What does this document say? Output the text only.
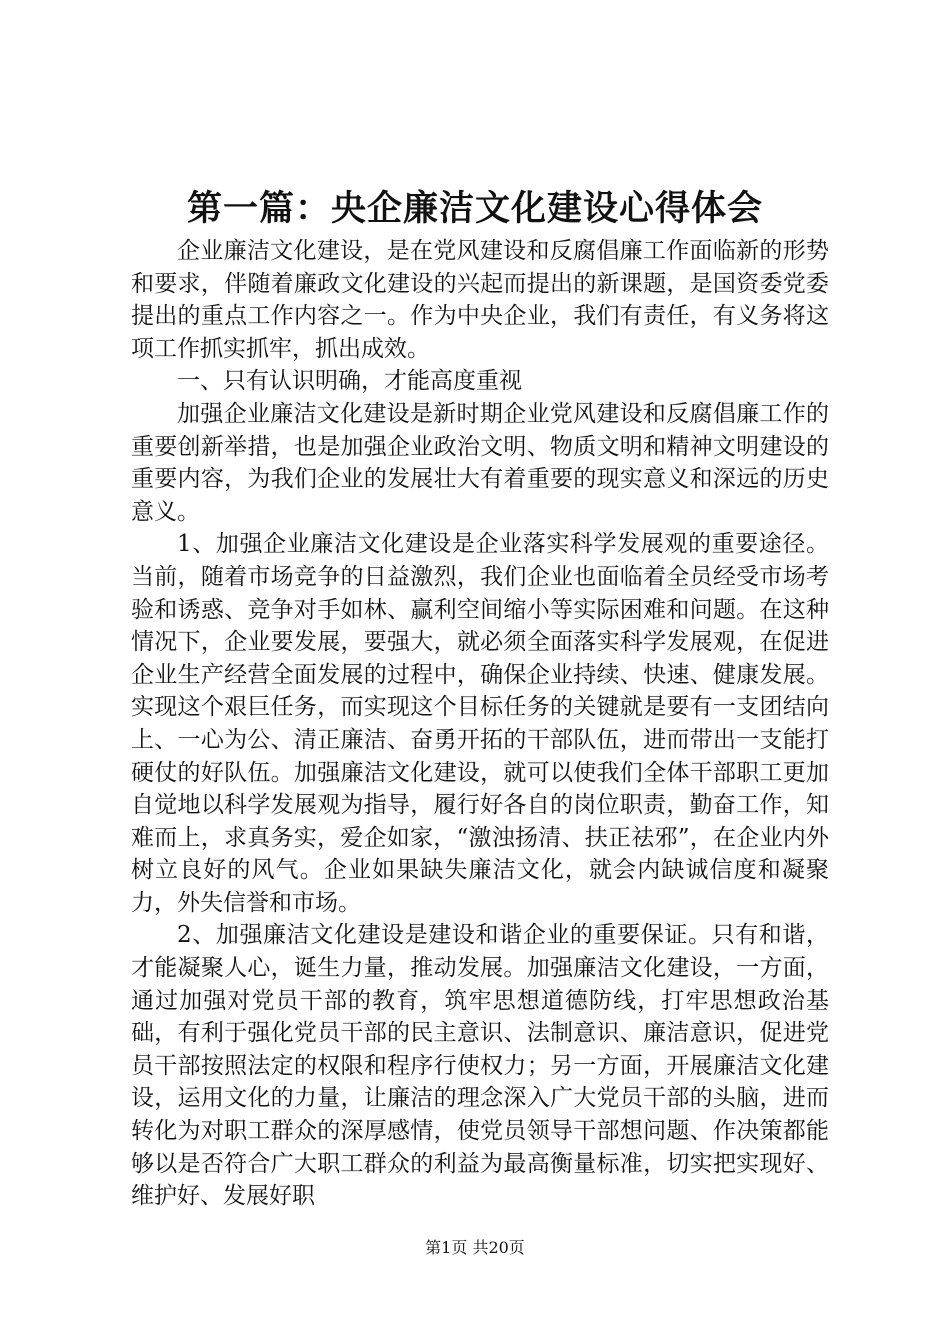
第一篇：央企廉洁文化建设心得体会

企业廉洁文化建设，是在党风建设和反腐倡廉工作面临新的形势和要求，伴随着廉政文化建设的兴起而提出的新课题，是国资委党委提出的重点工作内容之一。作为中央企业，我们有责任，有义务将这项工作抓实抓牢，抓出成效。

一、只有认识明确，才能高度重视

加强企业廉洁文化建设是新时期企业党风建设和反腐倡廉工作的重要创新举措，也是加强企业政治文明、物质文明和精神文明建设的重要内容，为我们企业的发展壮大有着重要的现实意义和深远的历史意义。

1、加强企业廉洁文化建设是企业落实科学发展观的重要途径。当前，随着市场竞争的日益激烈，我们企业也面临着全员经受市场考验和诱惑、竞争对手如林、赢利空间缩小等实际困难和问题。在这种情况下，企业要发展，要强大，就必须全面落实科学发展观，在促进企业生产经营全面发展的过程中，确保企业持续、快速、健康发展。实现这个艰巨任务，而实现这个目标任务的关键就是要有一支团结向上、一心为公、清正廉洁、奋勇开拓的干部队伍，进而带出一支能打硬仗的好队伍。加强廉洁文化建设，就可以使我们全体干部职工更加自觉地以科学发展观为指导，履行好各自的岗位职责，勤奋工作，知难而上，求真务实，爱企如家，“激浊扬清、扶正祛邪”，在企业内外树立良好的风气。企业如果缺失廉洁文化，就会内缺诚信度和凝聚力，外失信誉和市场。

2、加强廉洁文化建设是建设和谐企业的重要保证。只有和谐，才能凝聚人心，诞生力量，推动发展。加强廉洁文化建设，一方面，通过加强对党员干部的教育，筑牢思想道德防线，打牢思想政治基础，有利于强化党员干部的民主意识、法制意识、廉洁意识，促进党员干部按照法定的权限和程序行使权力；另一方面，开展廉洁文化建设，运用文化的力量，让廉洁的理念深入广大党员干部的头脑，进而转化为对职工群众的深厚感情，使党员领导干部想问题、作决策都能够以是否符合广大职工群众的利益为最高衡量标准，切实把实现好、维护好、发展好职

第1页 共20页
